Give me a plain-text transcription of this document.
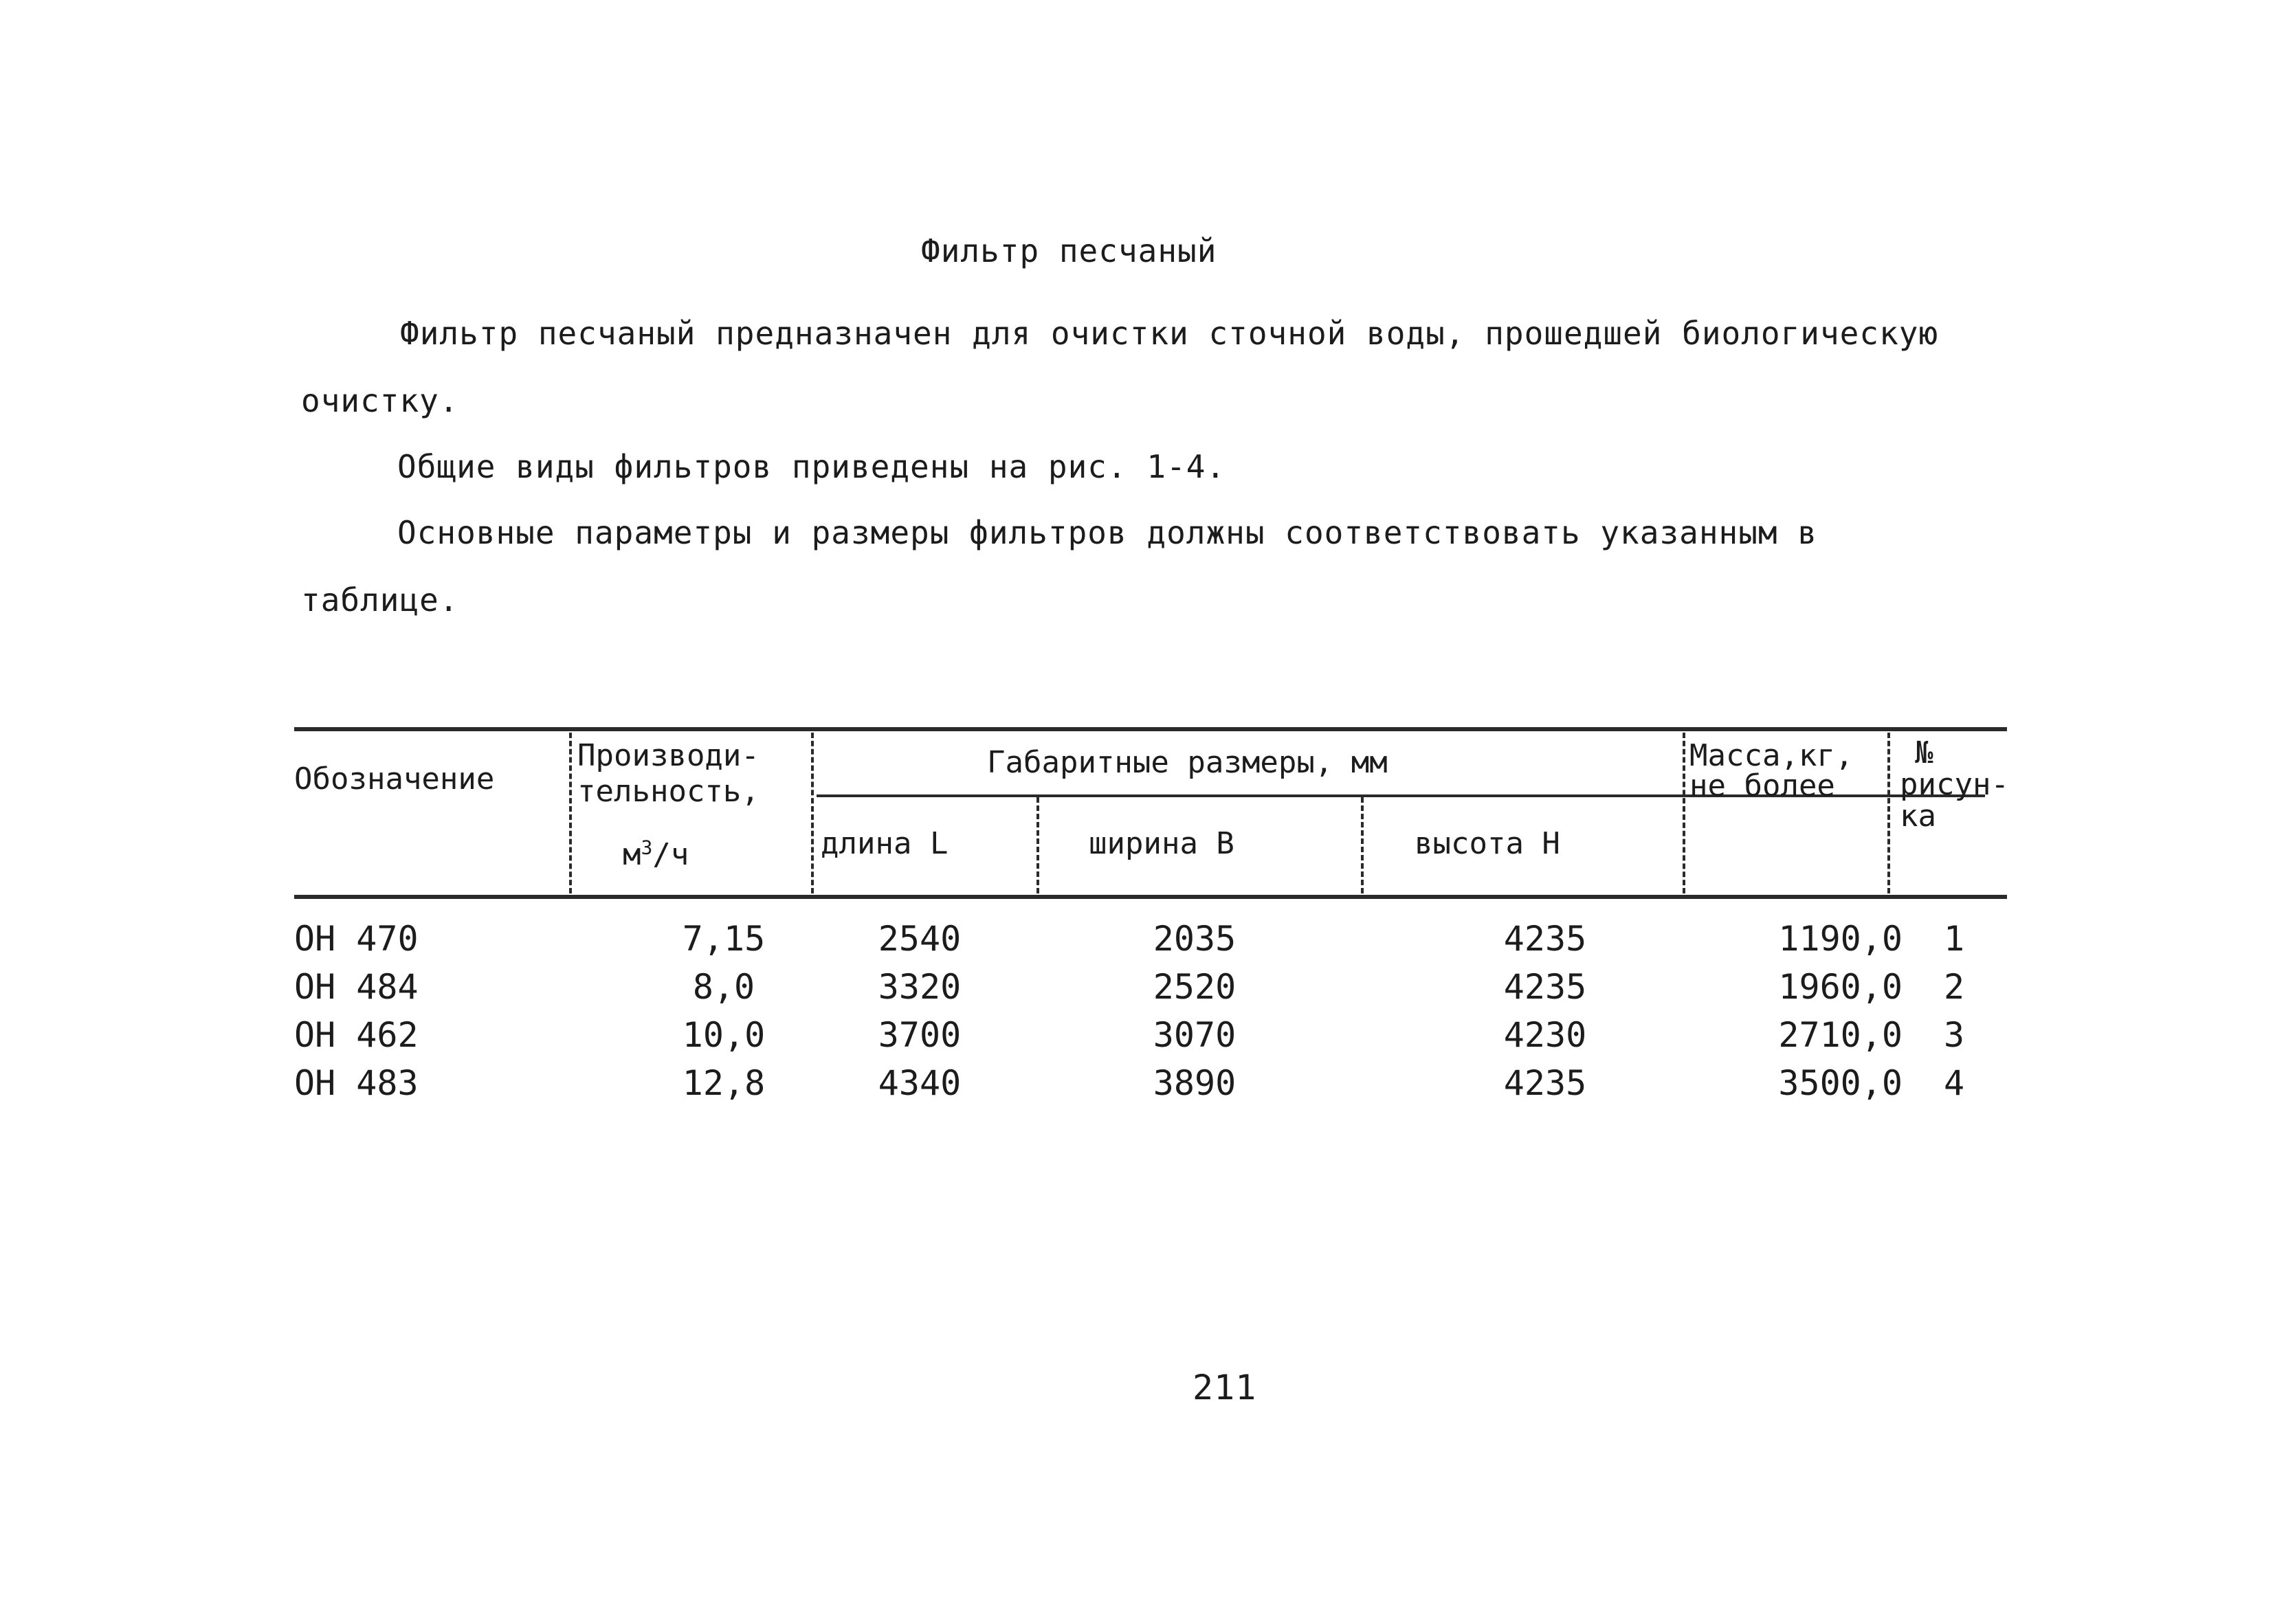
Фильтр песчаный
Фильтр песчаный предназначен для очистки сточной воды, прошедшей биологическую
очистку.
Общие виды фильтров приведены на рис. 1-4.
Основные параметры и размеры фильтров должны соответствовать указанным в
таблице.
Обозначение
Производи-
тельность,
$м^3/ч$
Габаритные размеры, мм
длина L	ширина В	высота Н
Масса,кг,
не более
№
рисун-
ка
ОН 470	7,15	2540	2035	4235	1190,0	1
ОН 484	8,0	3320	2520	4235	1960,0	2
ОН 462	10,0	3700	3070	4230	2710,0	3
ОН 483	12,8	4340	3890	4235	3500,0	4
211
